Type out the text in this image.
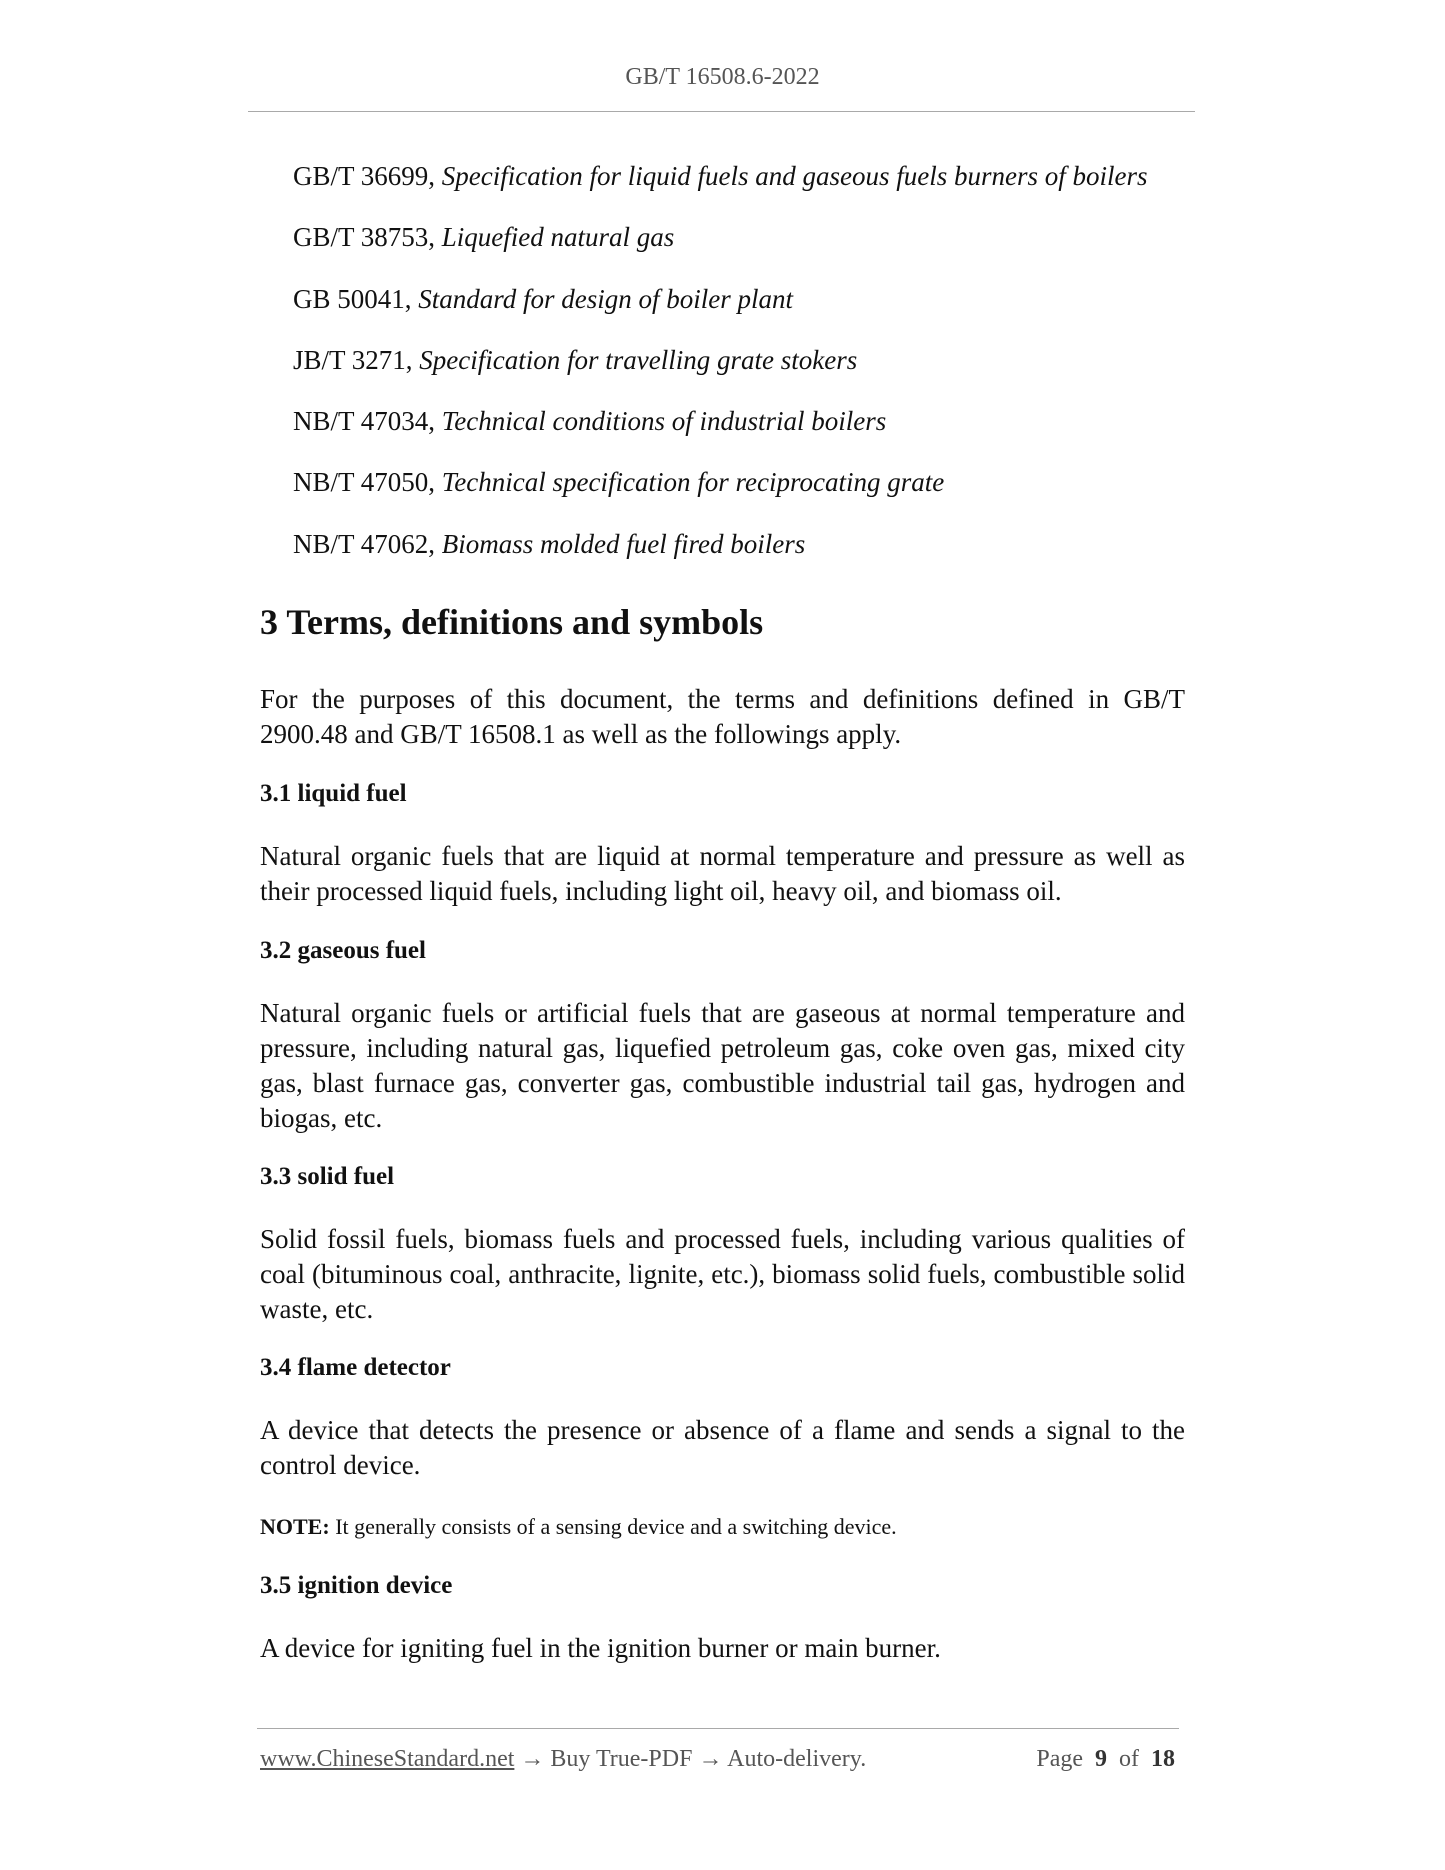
GB/T 16508.6-2022
GB/T 36699, Specification for liquid fuels and gaseous fuels burners of boilers
GB/T 38753, Liquefied natural gas
GB 50041, Standard for design of boiler plant
JB/T 3271, Specification for travelling grate stokers
NB/T 47034, Technical conditions of industrial boilers
NB/T 47050, Technical specification for reciprocating grate
NB/T 47062, Biomass molded fuel fired boilers
3 Terms, definitions and symbols
For the purposes of this document, the terms and definitions defined in GB/T 2900.48 and GB/T 16508.1 as well as the followings apply.
3.1 liquid fuel
Natural organic fuels that are liquid at normal temperature and pressure as well as their processed liquid fuels, including light oil, heavy oil, and biomass oil.
3.2 gaseous fuel
Natural organic fuels or artificial fuels that are gaseous at normal temperature and pressure, including natural gas, liquefied petroleum gas, coke oven gas, mixed city gas, blast furnace gas, converter gas, combustible industrial tail gas, hydrogen and biogas, etc.
3.3 solid fuel
Solid fossil fuels, biomass fuels and processed fuels, including various qualities of coal (bituminous coal, anthracite, lignite, etc.), biomass solid fuels, combustible solid waste, etc.
3.4 flame detector
A device that detects the presence or absence of a flame and sends a signal to the control device.
NOTE: It generally consists of a sensing device and a switching device.
3.5 ignition device
A device for igniting fuel in the ignition burner or main burner.
www.ChineseStandard.net → Buy True-PDF → Auto-delivery.	Page 9 of 18
